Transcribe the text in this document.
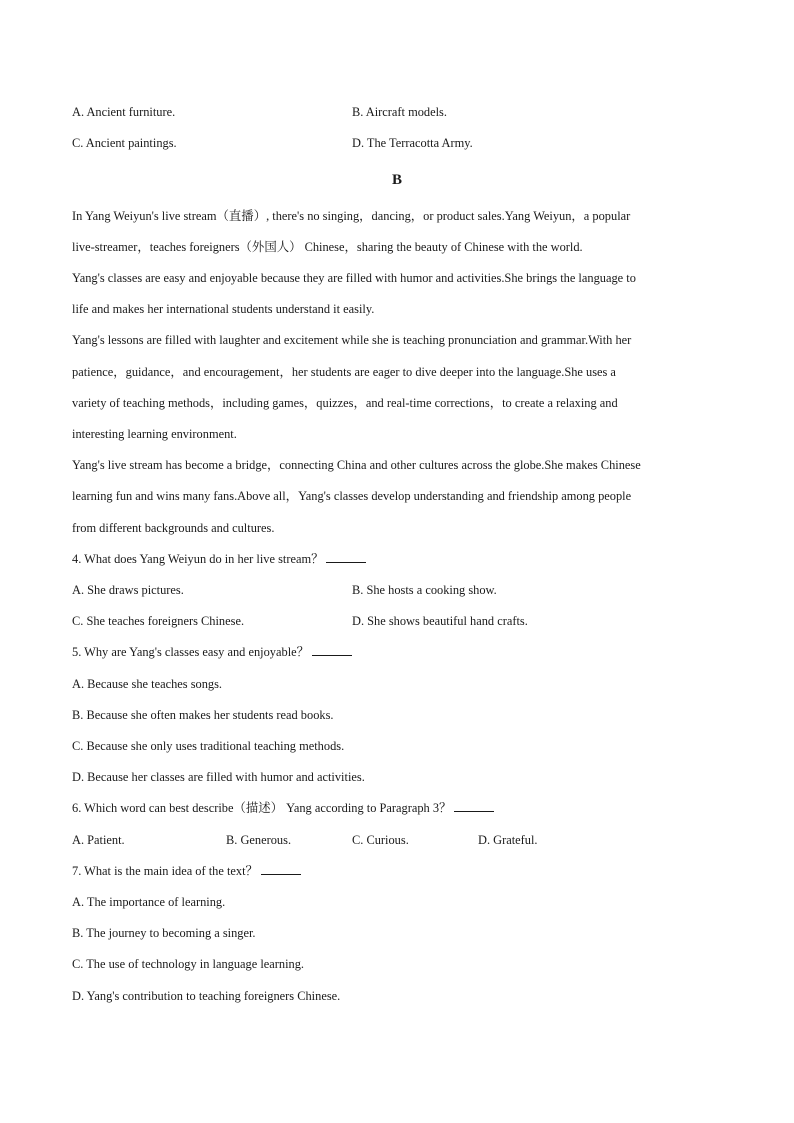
A. Ancient furniture.	B. Aircraft models.
C. Ancient paintings.	D. The Terracotta Army.
B
In Yang Weiyun's live stream（直播）, there's no singing，dancing，or product sales.Yang Weiyun，a popular
live-streamer，teaches foreigners（外国人） Chinese，sharing the beauty of Chinese with the world.
Yang's classes are easy and enjoyable because they are filled with humor and activities.She brings the language to
life and makes her international students understand it easily.
Yang's lessons are filled with laughter and excitement while she is teaching pronunciation and grammar.With her
patience，guidance，and encouragement，her students are eager to dive deeper into the language.She uses a
variety of teaching methods，including games，quizzes，and real-time corrections，to create a relaxing and
interesting learning environment.
Yang's live stream has become a bridge，connecting China and other cultures across the globe.She makes Chinese
learning fun and wins many fans.Above all，Yang's classes develop understanding and friendship among people
from different backgrounds and cultures.
4. What does Yang Weiyun do in her live stream？
A. She draws pictures.	B. She hosts a cooking show.
C. She teaches foreigners Chinese.	D. She shows beautiful hand crafts.
5. Why are Yang's classes easy and enjoyable？
A. Because she teaches songs.
B. Because she often makes her students read books.
C. Because she only uses traditional teaching methods.
D. Because her classes are filled with humor and activities.
6. Which word can best describe（描述） Yang according to Paragraph 3？
A. Patient.	B. Generous.	C. Curious.	D. Grateful.
7. What is the main idea of the text？
A. The importance of learning.
B. The journey to becoming a singer.
C. The use of technology in language learning.
D. Yang's contribution to teaching foreigners Chinese.
